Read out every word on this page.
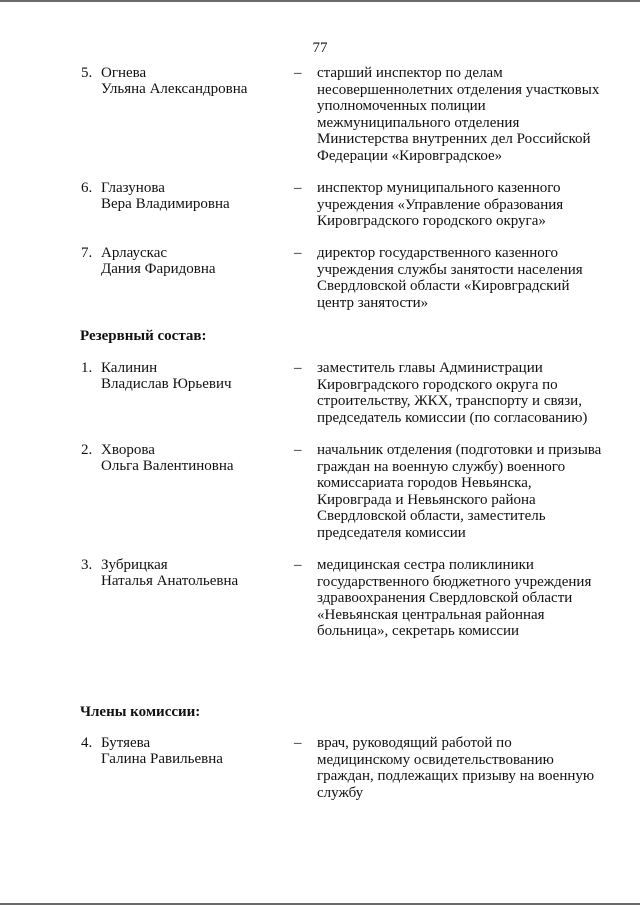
77
5. Огнева
Ульяна Александровна
– старший инспектор по делам
несовершеннолетних отделения участковых
уполномоченных полиции
межмуниципального отделения
Министерства внутренних дел Российской
Федерации «Кировградское»
6. Глазунова
Вера Владимировна
– инспектор муниципального казенного
учреждения «Управление образования
Кировградского городского округа»
7. Арлаускас
Дания Фаридовна
– директор государственного казенного
учреждения службы занятости населения
Свердловской области «Кировградский
центр занятости»
Резервный состав:
1. Калинин
Владислав Юрьевич
– заместитель главы Администрации
Кировградского городского округа по
строительству, ЖКХ, транспорту и связи,
председатель комиссии (по согласованию)
2. Хворова
Ольга Валентиновна
– начальник отделения (подготовки и призыва
граждан на военную службу) военного
комиссариата городов Невьянска,
Кировграда и Невьянского района
Свердловской области, заместитель
председателя комиссии
3. Зубрицкая
Наталья Анатольевна
– медицинская сестра поликлиники
государственного бюджетного учреждения
здравоохранения Свердловской области
«Невьянская центральная районная
больница», секретарь комиссии
Члены комиссии:
4. Бутяева
Галина Равильевна
– врач, руководящий работой по
медицинскому освидетельствованию
граждан, подлежащих призыву на военную
службу
